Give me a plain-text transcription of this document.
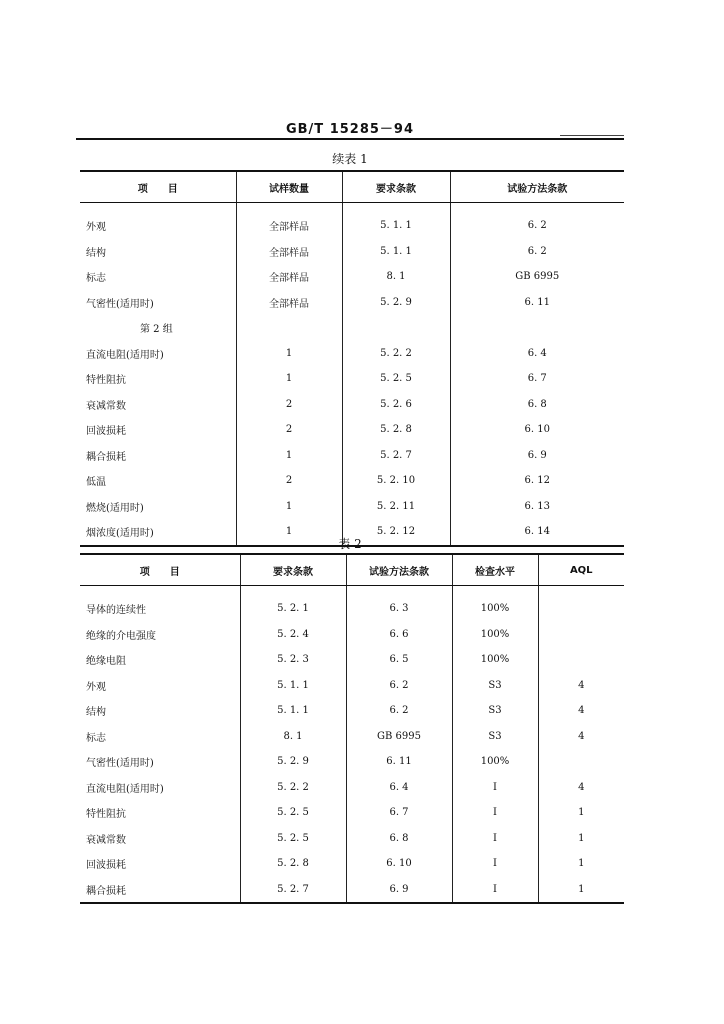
GB/T 15285－94
续表 1
项　　目	试样数量	要求条款	试验方法条款

外观	全部样品	5. 1. 1	6. 2
结构	全部样品	5. 1. 1	6. 2
标志	全部样品	8. 1	GB 6995
气密性(适用时)	全部样品	5. 2. 9	6. 11
第 2 组			
直流电阻(适用时)	1	5. 2. 2	6. 4
特性阻抗	1	5. 2. 5	6. 7
衰减常数	2	5. 2. 6	6. 8
回波损耗	2	5. 2. 8	6. 10
耦合损耗	1	5. 2. 7	6. 9
低温	2	5. 2. 10	6. 12
燃烧(适用时)	1	5. 2. 11	6. 13
烟浓度(适用时)	1	5. 2. 12	6. 14
表 2
项　　目	要求条款	试验方法条款	检查水平	AQL

导体的连续性	5. 2. 1	6. 3	100%	
绝缘的介电强度	5. 2. 4	6. 6	100%	
绝缘电阻	5. 2. 3	6. 5	100%	
外观	5. 1. 1	6. 2	S3	4
结构	5. 1. 1	6. 2	S3	4
标志	8. 1	GB 6995	S3	4
气密性(适用时)	5. 2. 9	6. 11	100%	
直流电阻(适用时)	5. 2. 2	6. 4	I	4
特性阻抗	5. 2. 5	6. 7	I	1
衰减常数	5. 2. 5	6. 8	I	1
回波损耗	5. 2. 8	6. 10	I	1
耦合损耗	5. 2. 7	6. 9	I	1
